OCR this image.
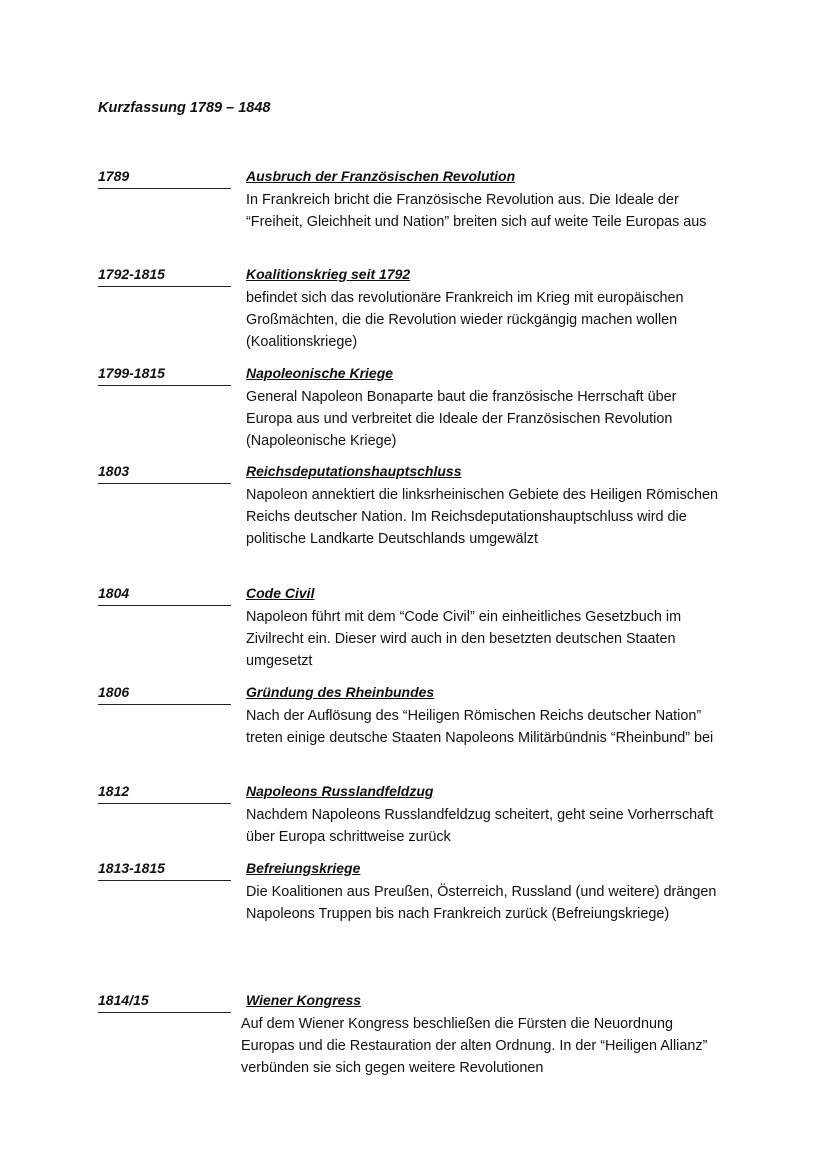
Kurzfassung 1789 – 1848
1789	Ausbruch der Französischen Revolution

In Frankreich bricht die Französische Revolution aus. Die Ideale der “Freiheit, Gleichheit und Nation” breiten sich auf weite Teile Europas aus

1792-1815	Koalitionskrieg seit 1792

befindet sich das revolutionäre Frankreich im Krieg mit europäischen Großmächten, die die Revolution wieder rückgängig machen wollen (Koalitionskriege)

1799-1815	Napoleonische Kriege

General Napoleon Bonaparte baut die französische Herrschaft über Europa aus und verbreitet die Ideale der Französischen Revolution (Napoleonische Kriege)

1803	Reichsdeputationshauptschluss

Napoleon annektiert die linksrheinischen Gebiete des Heiligen Römischen Reichs deutscher Nation. Im Reichsdeputationshauptschluss wird die politische Landkarte Deutschlands umgewälzt

1804	Code Civil

Napoleon führt mit dem “Code Civil” ein einheitliches Gesetzbuch im Zivilrecht ein. Dieser wird auch in den besetzten deutschen Staaten umgesetzt

1806	Gründung des Rheinbundes

Nach der Auflösung des “Heiligen Römischen Reichs deutscher Nation” treten einige deutsche Staaten Napoleons Militärbündnis “Rheinbund” bei

1812	Napoleons Russlandfeldzug

Nachdem Napoleons Russlandfeldzug scheitert, geht seine Vorherrschaft über Europa schrittweise zurück

1813-1815	Befreiungskriege

Die Koalitionen aus Preußen, Österreich, Russland (und weitere) drängen Napoleons Truppen bis nach Frankreich zurück (Befreiungskriege)

1814/15	Wiener Kongress

Auf dem Wiener Kongress beschließen die Fürsten die Neuordnung Europas und die Restauration der alten Ordnung. In der “Heiligen Allianz” verbünden sie sich gegen weitere Revolutionen
